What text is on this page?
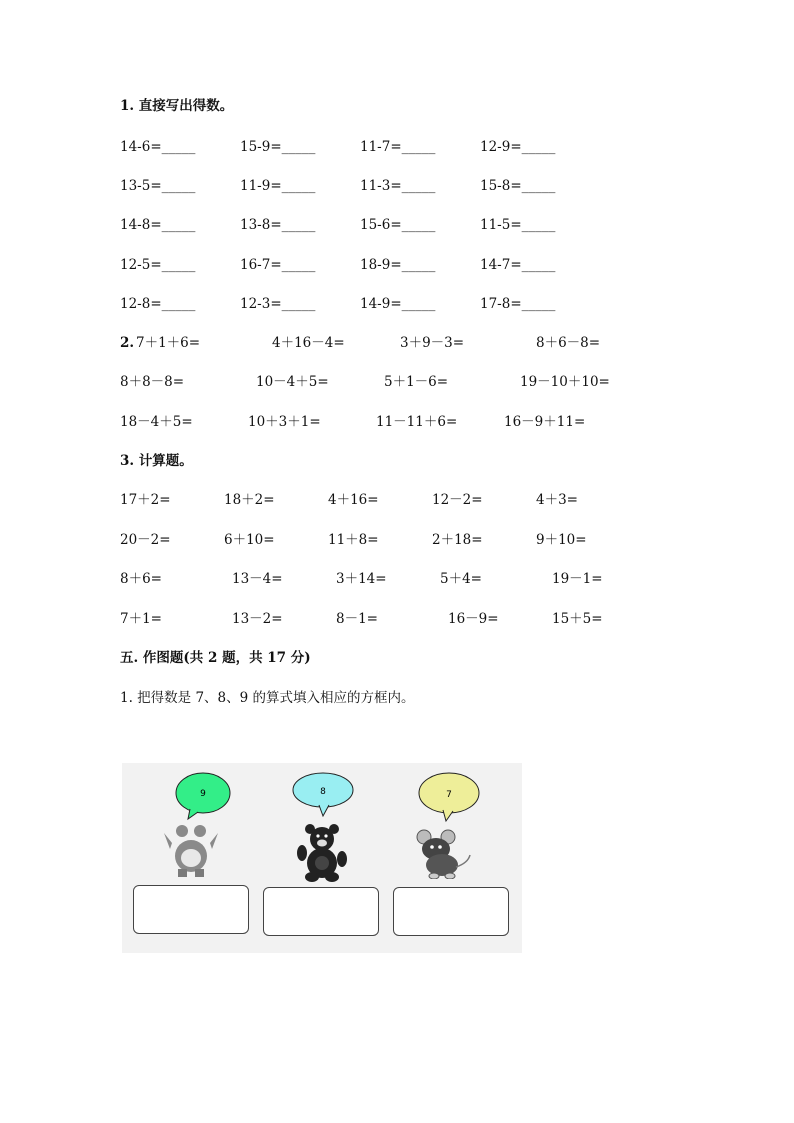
1. 直接写出得数。
14-6=_____	15-9=_____	11-7=_____	12-9=_____
13-5=_____	11-9=_____	11-3=_____	15-8=_____
14-8=_____	13-8=_____	15-6=_____	11-5=_____
12-5=_____	16-7=_____	18-9=_____	14-7=_____
12-8=_____	12-3=_____	14-9=_____	17-8=_____
2. 7＋1＋6=	4＋16－4=	3＋9－3=	8＋6－8=
8＋8－8=	10－4＋5=	5＋1－6=	19－10＋10=
18－4＋5=	10＋3＋1=	11－11＋6=	16－9＋11=
3. 计算题。
17＋2=	18＋2=	4＋16=	12－2=	4＋3=
20－2=	6＋10=	11＋8=	2＋18=	9＋10=
8＋6=	13－4=	3＋14=	5＋4=	19－1=
7＋1=	13－2=	8－1=	16－9=	15＋5=
五. 作图题(共 2 题，共 17 分)
1. 把得数是 7、8、9 的算式填入相应的方框内。
9	8	7
